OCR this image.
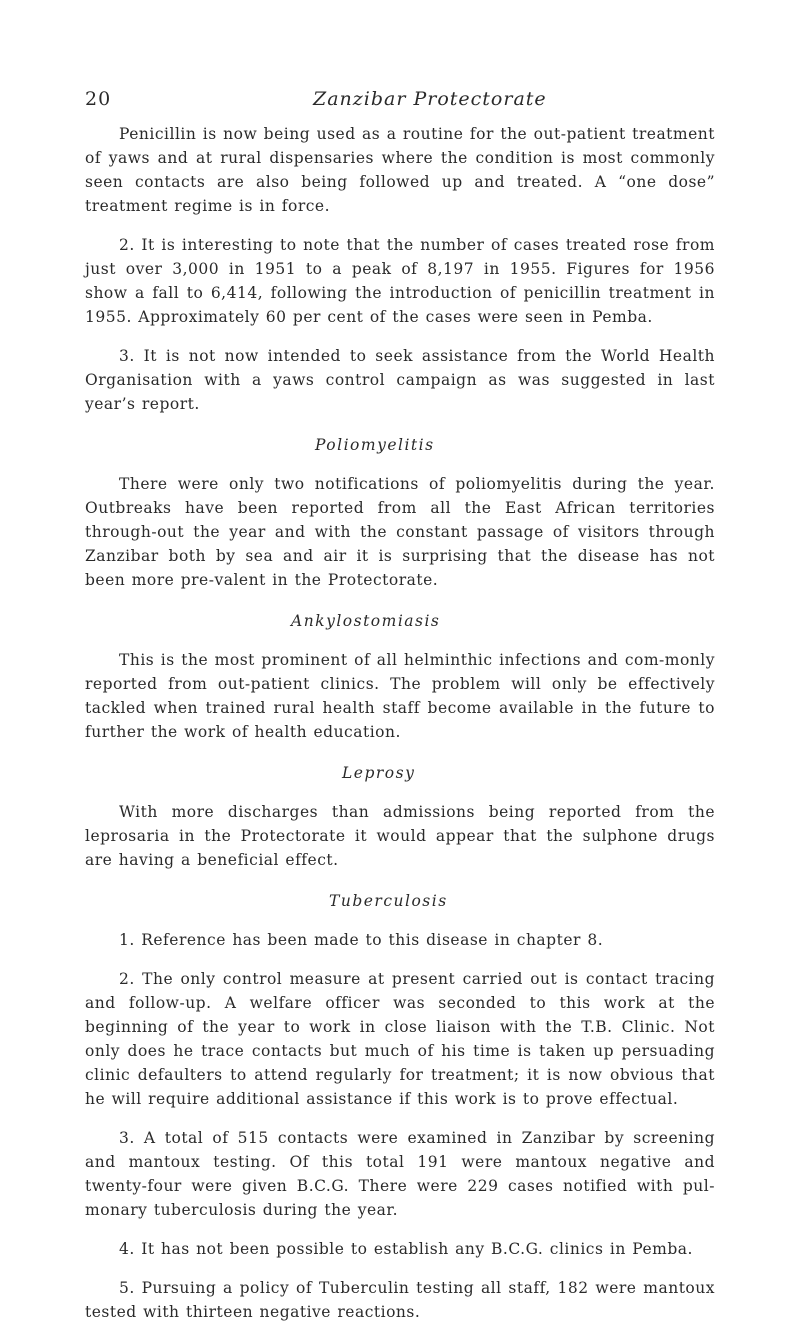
20	Zanzibar Protectorate

Penicillin is now being used as a routine for the out-patient treatment of yaws and at rural dispensaries where the condition is most commonly seen contacts are also being followed up and treated. A “one dose” treatment regime is in force.

2. It is interesting to note that the number of cases treated rose from just over 3,000 in 1951 to a peak of 8,197 in 1955. Figures for 1956 show a fall to 6,414, following the introduction of penicillin treatment in 1955. Approximately 60 per cent of the cases were seen in Pemba.

3. It is not now intended to seek assistance from the World Health Organisation with a yaws control campaign as was suggested in last year’s report.

Poliomyelitis

There were only two notifications of poliomyelitis during the year. Outbreaks have been reported from all the East African territories through-out the year and with the constant passage of visitors through Zanzibar both by sea and air it is surprising that the disease has not been more pre-valent in the Protectorate.

Ankylostomiasis

This is the most prominent of all helminthic infections and com-monly reported from out-patient clinics. The problem will only be effectively tackled when trained rural health staff become available in the future to further the work of health education.

Leprosy

With more discharges than admissions being reported from the leprosaria in the Protectorate it would appear that the sulphone drugs are having a beneficial effect.

Tuberculosis

1. Reference has been made to this disease in chapter 8.

2. The only control measure at present carried out is contact tracing and follow-up. A welfare officer was seconded to this work at the beginning of the year to work in close liaison with the T.B. Clinic. Not only does he trace contacts but much of his time is taken up persuading clinic defaulters to attend regularly for treatment; it is now obvious that he will require additional assistance if this work is to prove effectual.

3. A total of 515 contacts were examined in Zanzibar by screening and mantoux testing. Of this total 191 were mantoux negative and twenty-four were given B.C.G. There were 229 cases notified with pul-monary tuberculosis during the year.

4. It has not been possible to establish any B.C.G. clinics in Pemba.

5. Pursuing a policy of Tuberculin testing all staff, 182 were mantoux tested with thirteen negative reactions.
